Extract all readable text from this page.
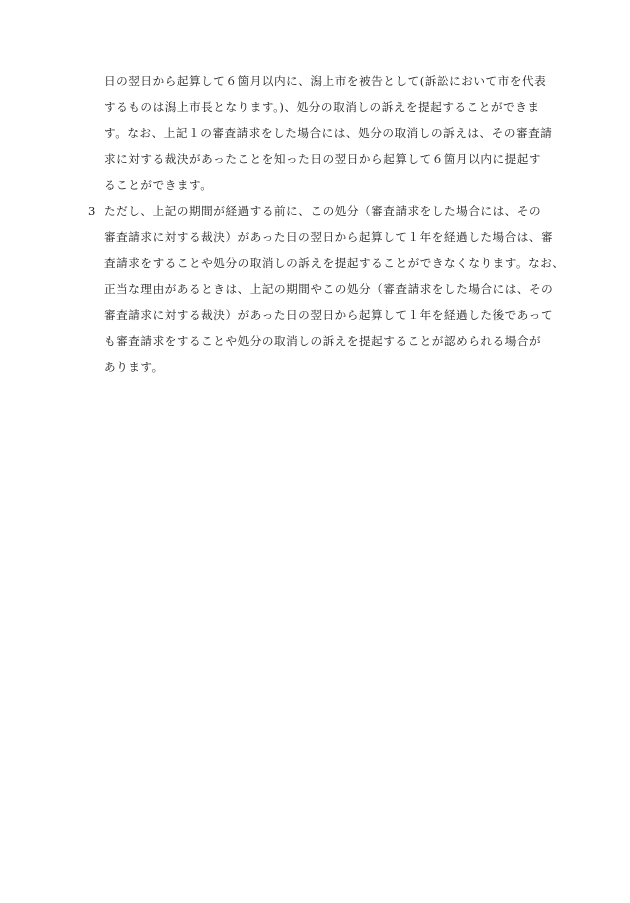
日の翌日から起算して６箇月以内に、潟上市を被告として(訴訟において市を代表
するものは潟上市長となります。)、処分の取消しの訴えを提起することができま
す。なお、上記１の審査請求をした場合には、処分の取消しの訴えは、その審査請
求に対する裁決があったことを知った日の翌日から起算して６箇月以内に提起す
ることができます。
3 ただし、上記の期間が経過する前に、この処分（審査請求をした場合には、その
審査請求に対する裁決）があった日の翌日から起算して１年を経過した場合は、審
査請求をすることや処分の取消しの訴えを提起することができなくなります。なお、
正当な理由があるときは、上記の期間やこの処分（審査請求をした場合には、その
審査請求に対する裁決）があった日の翌日から起算して１年を経過した後であって
も審査請求をすることや処分の取消しの訴えを提起することが認められる場合が
あります。
